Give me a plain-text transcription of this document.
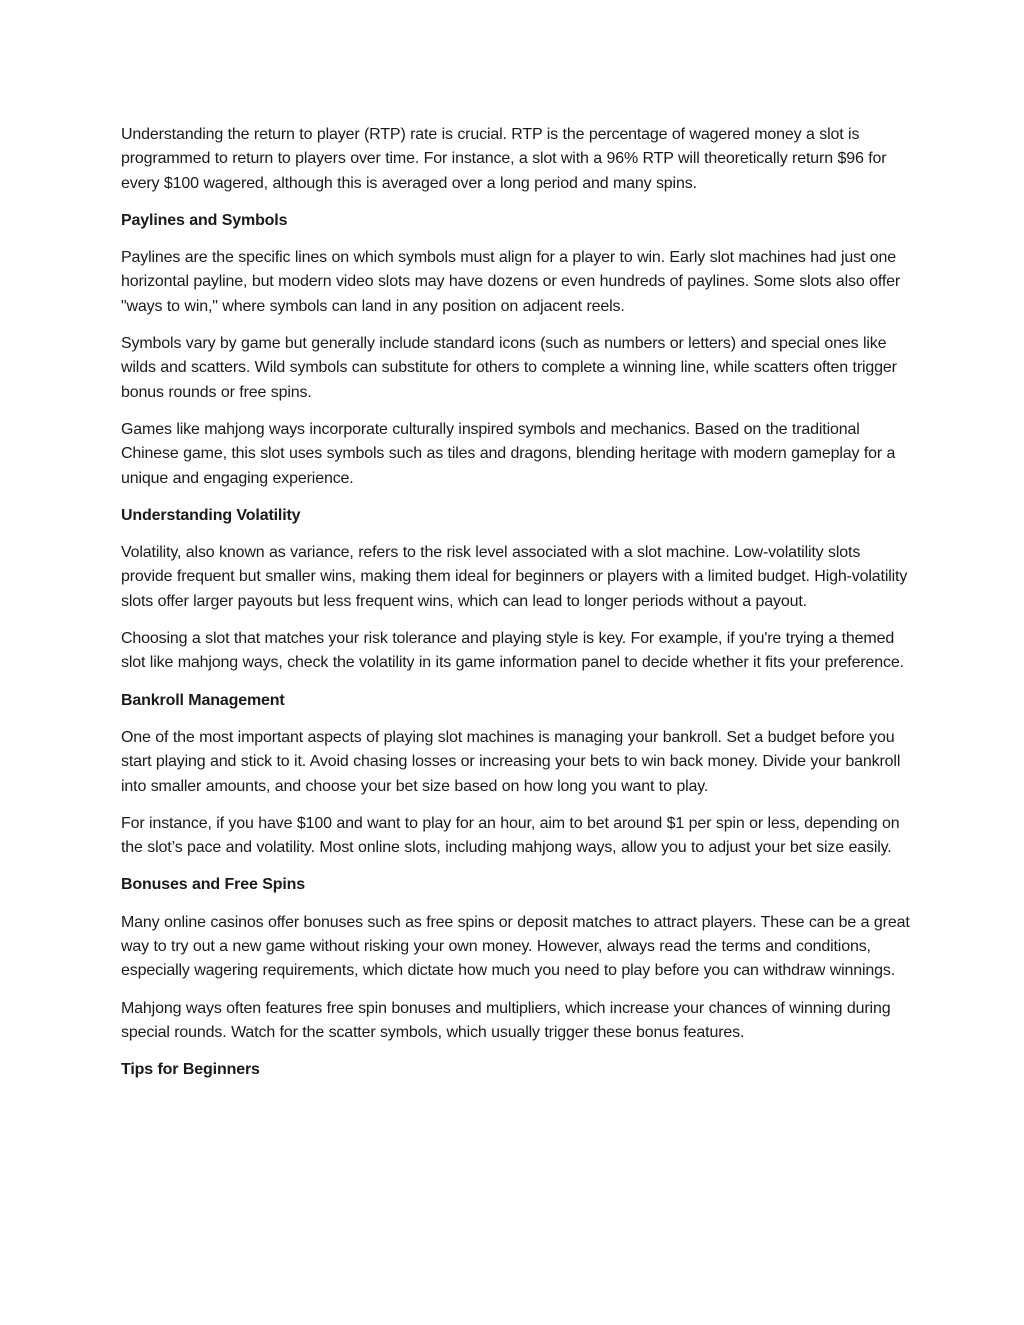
Understanding the return to player (RTP) rate is crucial. RTP is the percentage of wagered money a slot is programmed to return to players over time. For instance, a slot with a 96% RTP will theoretically return $96 for every $100 wagered, although this is averaged over a long period and many spins.

Paylines and Symbols

Paylines are the specific lines on which symbols must align for a player to win. Early slot machines had just one horizontal payline, but modern video slots may have dozens or even hundreds of paylines. Some slots also offer "ways to win," where symbols can land in any position on adjacent reels.

Symbols vary by game but generally include standard icons (such as numbers or letters) and special ones like wilds and scatters. Wild symbols can substitute for others to complete a winning line, while scatters often trigger bonus rounds or free spins.

Games like mahjong ways incorporate culturally inspired symbols and mechanics. Based on the traditional Chinese game, this slot uses symbols such as tiles and dragons, blending heritage with modern gameplay for a unique and engaging experience.

Understanding Volatility

Volatility, also known as variance, refers to the risk level associated with a slot machine. Low-volatility slots provide frequent but smaller wins, making them ideal for beginners or players with a limited budget. High-volatility slots offer larger payouts but less frequent wins, which can lead to longer periods without a payout.

Choosing a slot that matches your risk tolerance and playing style is key. For example, if you're trying a themed slot like mahjong ways, check the volatility in its game information panel to decide whether it fits your preference.

Bankroll Management

One of the most important aspects of playing slot machines is managing your bankroll. Set a budget before you start playing and stick to it. Avoid chasing losses or increasing your bets to win back money. Divide your bankroll into smaller amounts, and choose your bet size based on how long you want to play.

For instance, if you have $100 and want to play for an hour, aim to bet around $1 per spin or less, depending on the slot’s pace and volatility. Most online slots, including mahjong ways, allow you to adjust your bet size easily.

Bonuses and Free Spins

Many online casinos offer bonuses such as free spins or deposit matches to attract players. These can be a great way to try out a new game without risking your own money. However, always read the terms and conditions, especially wagering requirements, which dictate how much you need to play before you can withdraw winnings.

Mahjong ways often features free spin bonuses and multipliers, which increase your chances of winning during special rounds. Watch for the scatter symbols, which usually trigger these bonus features.

Tips for Beginners
